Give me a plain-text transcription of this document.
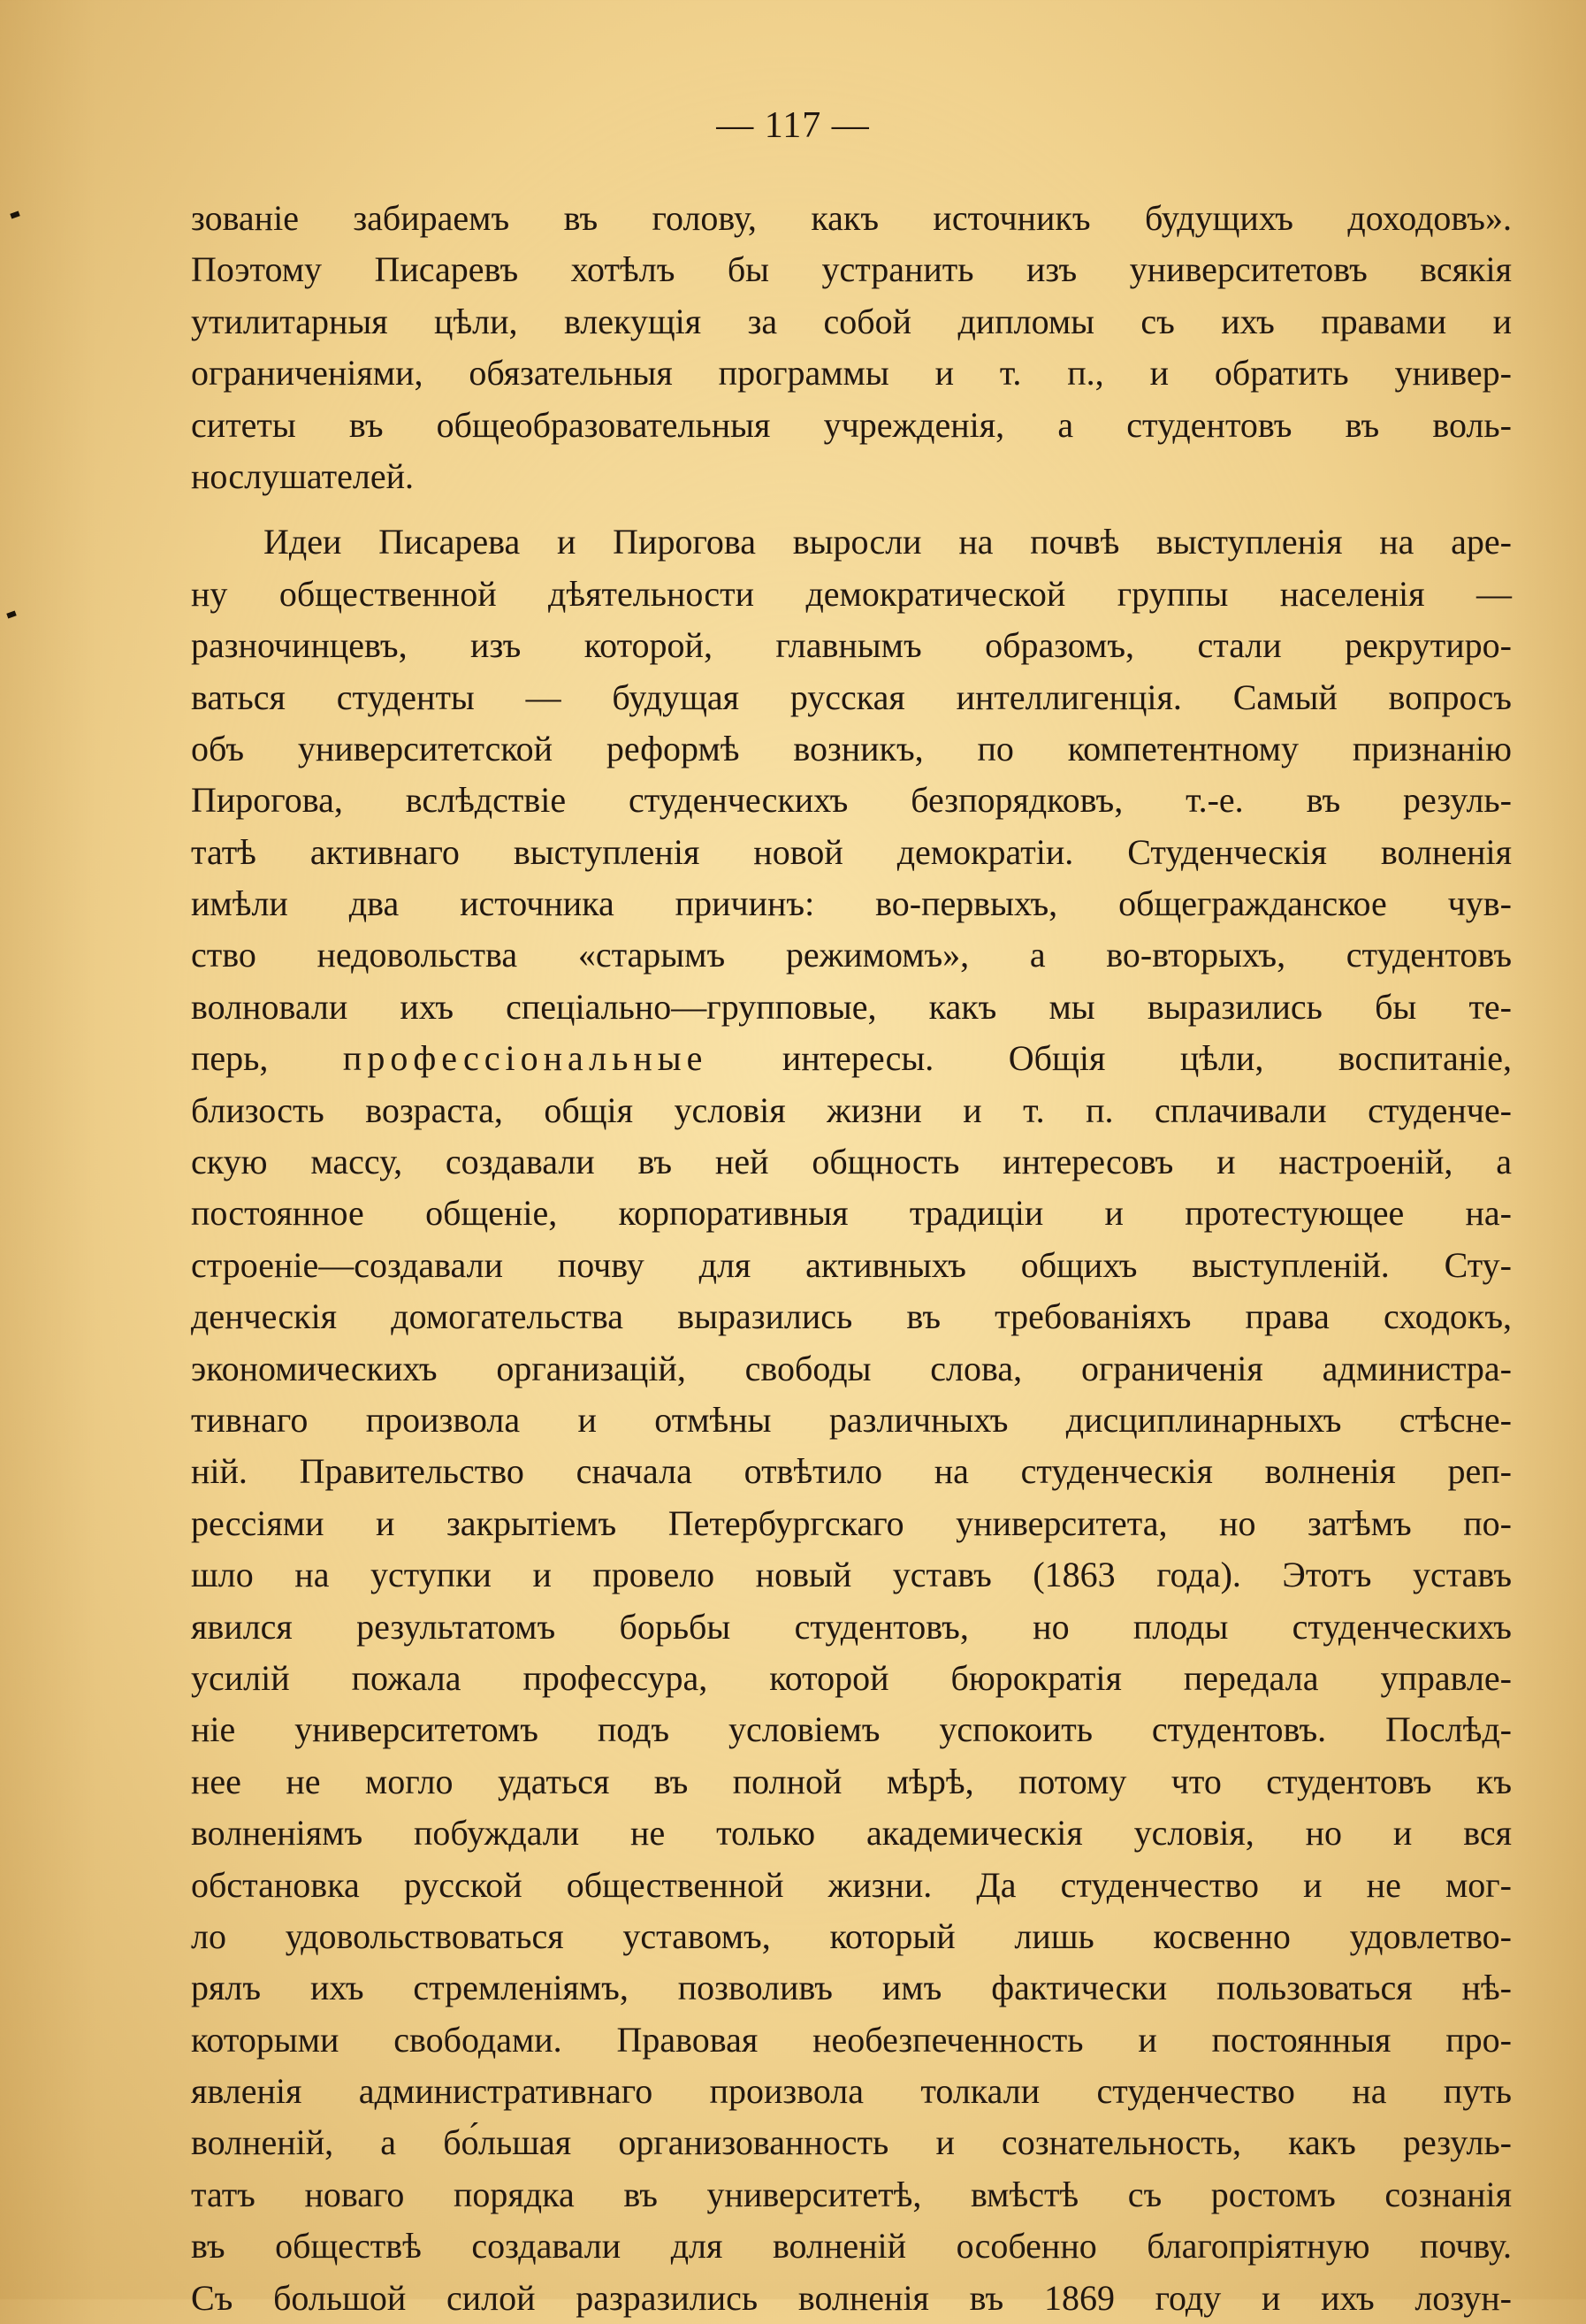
— 117 —
зованіе забираемъ въ голову, какъ источникъ будущихъ доходовъ».
Поэтому Писаревъ хотѣлъ бы устранить изъ университетовъ всякія
утилитарныя цѣли, влекущія за собой дипломы съ ихъ правами и
ограниченіями, обязательныя программы и т. п., и обратить универ-
ситеты въ общеобразовательныя учрежденія, а студентовъ въ воль-
нослушателей.
Идеи Писарева и Пирогова выросли на почвѣ выступленія на аре-
ну общественной дѣятельности демократической группы населенія —
разночинцевъ, изъ которой, главнымъ образомъ, стали рекрутиро-
ваться студенты — будущая русская интеллигенція. Самый вопросъ
объ университетской реформѣ возникъ, по компетентному признанію
Пирогова, вслѣдствіе студенческихъ безпорядковъ, т.-е. въ резуль-
татѣ активнаго выступленія новой демократіи. Студенческія волненія
имѣли два источника причинъ: во-первыхъ, общегражданское чув-
ство недовольства «старымъ режимомъ», а во-вторыхъ, студентовъ
волновали ихъ спеціально—групповые, какъ мы выразились бы те-
перь, профессіональные интересы. Общія цѣли, воспитаніе,
близость возраста, общія условія жизни и т. п. сплачивали студенче-
скую массу, создавали въ ней общность интересовъ и настроеній, а
постоянное общеніе, корпоративныя традиціи и протестующее на-
строеніе—создавали почву для активныхъ общихъ выступленій. Сту-
денческія домогательства выразились въ требованіяхъ права сходокъ,
экономическихъ организацій, свободы слова, ограниченія администра-
тивнаго произвола и отмѣны различныхъ дисциплинарныхъ стѣсне-
ній. Правительство сначала отвѣтило на студенческія волненія реп-
рессіями и закрытіемъ Петербургскаго университета, но затѣмъ по-
шло на уступки и провело новый уставъ (1863 года). Этотъ уставъ
явился результатомъ борьбы студентовъ, но плоды студенческихъ
усилій пожала профессура, которой бюрократія передала управле-
ніе университетомъ подъ условіемъ успокоить студентовъ. Послѣд-
нее не могло удаться въ полной мѣрѣ, потому что студентовъ къ
волненіямъ побуждали не только академическія условія, но и вся
обстановка русской общественной жизни. Да студенчество и не мог-
ло удовольствоваться уставомъ, который лишь косвенно удовлетво-
рялъ ихъ стремленіямъ, позволивъ имъ фактически пользоваться нѣ-
которыми свободами. Правовая необезпеченность и постоянныя про-
явленія административнаго произвола толкали студенчество на путь
волненій, а бо́льшая организованность и сознательность, какъ резуль-
татъ новаго порядка въ университетѣ, вмѣстѣ съ ростомъ сознанія
въ обществѣ создавали для волненій особенно благопріятную почву.
Съ большой силой разразились волненія въ 1869 году и ихъ лозун-
